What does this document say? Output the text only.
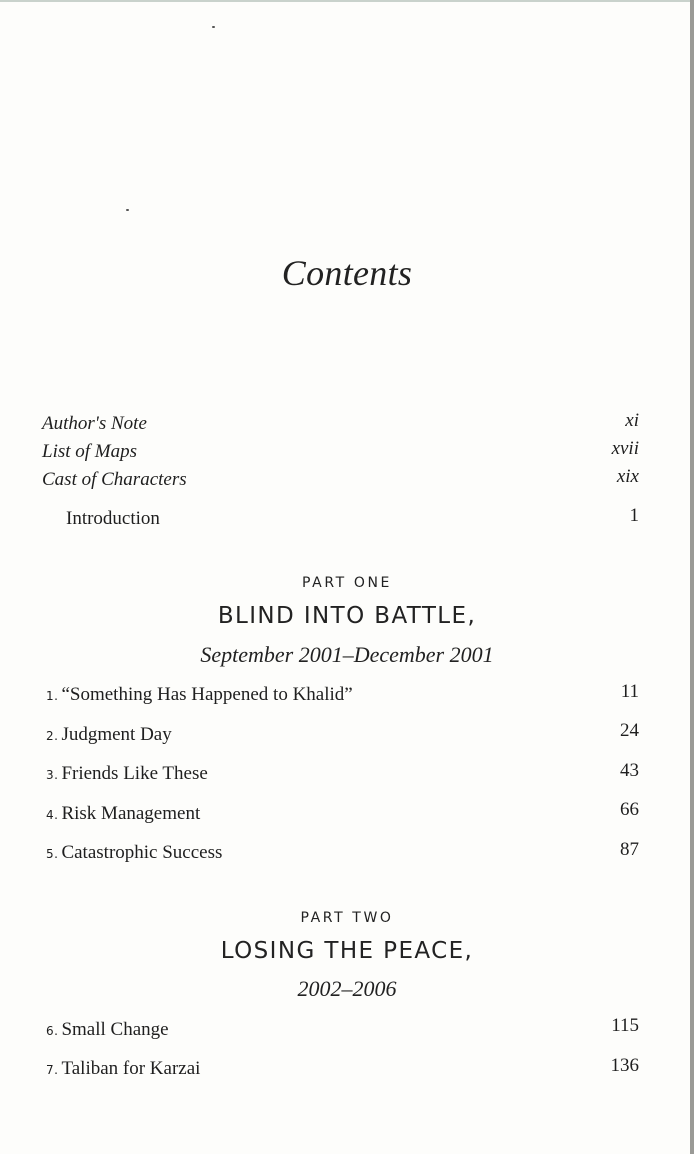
Contents
Author's Note	xi
List of Maps	xvii
Cast of Characters	xix
Introduction	1
PART ONE
BLIND INTO BATTLE,
September 2001–December 2001
1. “Something Has Happened to Khalid”	11
2. Judgment Day	24
3. Friends Like These	43
4. Risk Management	66
5. Catastrophic Success	87
PART TWO
LOSING THE PEACE,
2002–2006
6. Small Change	115
7. Taliban for Karzai	136
